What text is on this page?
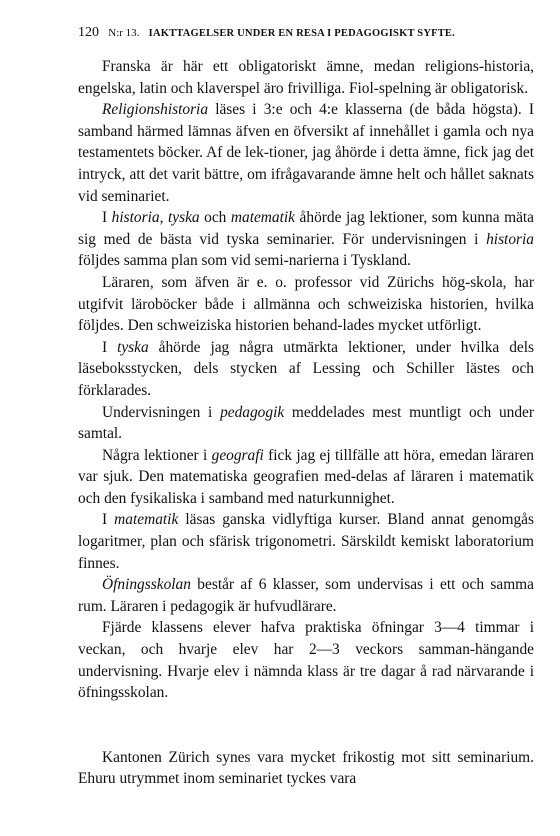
120 N:r 13. IAKTTAGELSER UNDER EN RESA I PEDAGOGISKT SYFTE.

Franska är här ett obligatoriskt ämne, medan religions-historia, engelska, latin och klaverspel äro frivilliga. Fiol-spelning är obligatorisk.

Religionshistoria läses i 3:e och 4:e klasserna (de båda högsta). I samband härmed lämnas äfven en öfversikt af innehållet i gamla och nya testamentets böcker. Af de lek-tioner, jag åhörde i detta ämne, fick jag det intryck, att det varit bättre, om ifrågavarande ämne helt och hållet saknats vid seminariet.

I historia, tyska och matematik åhörde jag lektioner, som kunna mäta sig med de bästa vid tyska seminarier. För undervisningen i historia följdes samma plan som vid semi-narierna i Tyskland.

Läraren, som äfven är e. o. professor vid Zürichs hög-skola, har utgifvit läroböcker både i allmänna och schweiziska historien, hvilka följdes. Den schweiziska historien behand-lades mycket utförligt.

I tyska åhörde jag några utmärkta lektioner, under hvilka dels läseboksstycken, dels stycken af Lessing och Schiller lästes och förklarades.

Undervisningen i pedagogik meddelades mest muntligt och under samtal.

Några lektioner i geografi fick jag ej tillfälle att höra, emedan läraren var sjuk. Den matematiska geografien med-delas af läraren i matematik och den fysikaliska i samband med naturkunnighet.

I matematik läsas ganska vidlyftiga kurser. Bland annat genomgås logaritmer, plan och sfärisk trigonometri. Särskildt kemiskt laboratorium finnes.

Öfningsskolan består af 6 klasser, som undervisas i ett och samma rum. Läraren i pedagogik är hufvudlärare.

Fjärde klassens elever hafva praktiska öfningar 3—4 timmar i veckan, och hvarje elev har 2—3 veckors samman-hängande undervisning. Hvarje elev i nämnda klass är tre dagar å rad närvarande i öfningsskolan.

Kantonen Zürich synes vara mycket frikostig mot sitt seminarium. Ehuru utrymmet inom seminariet tyckes vara
